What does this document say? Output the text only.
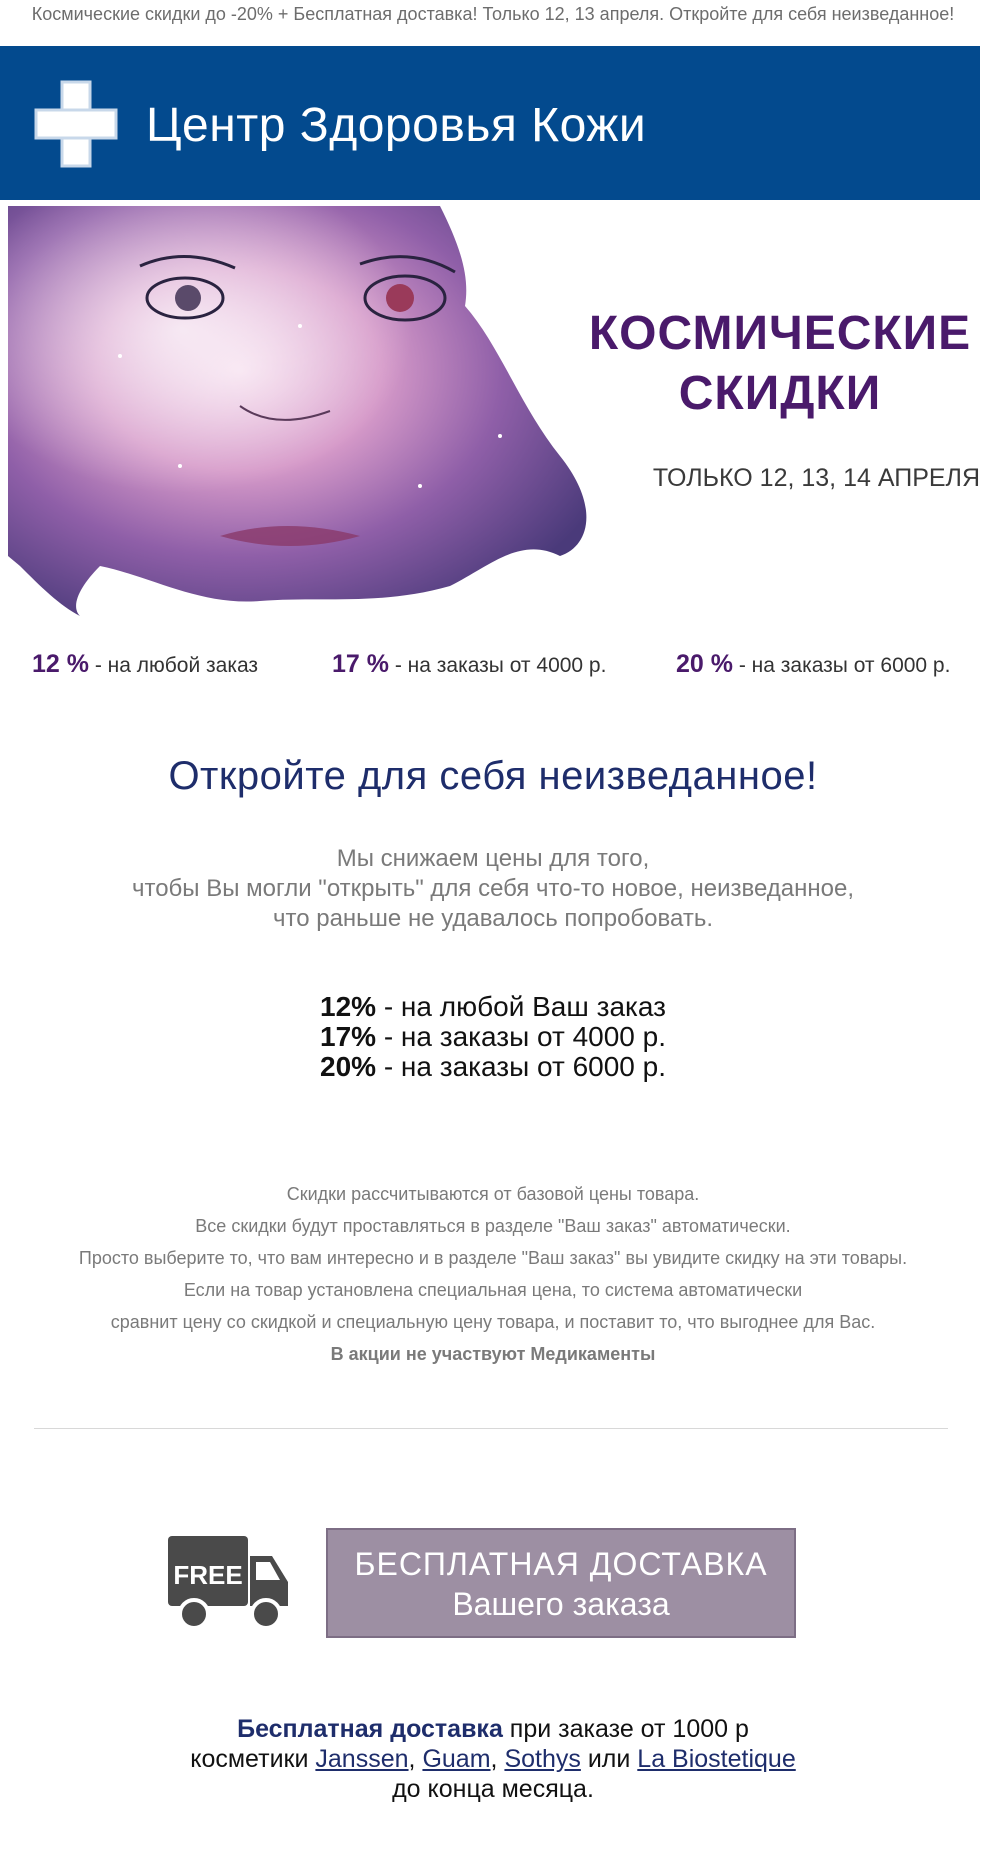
Космические скидки до -20% + Бесплатная доставка! Только 12, 13 апреля. Откройте для себя неизведанное!
Центр Здоровья Кожи
КОСМИЧЕСКИЕ
СКИДКИ
ТОЛЬКО 12, 13, 14 АПРЕЛЯ
12 % - на любой заказ	17 % - на заказы от 4000 р.	20 % - на заказы от 6000 р.
Откройте для себя неизведанное!
Мы снижаем цены для того,
чтобы Вы могли "открыть" для себя что-то новое, неизведанное,
что раньше не удавалось попробовать.
12% - на любой Ваш заказ
17% - на заказы от 4000 р.
20% - на заказы от 6000 р.
Скидки рассчитываются от базовой цены товара.
Все скидки будут проставляться в разделе "Ваш заказ" автоматически.
Просто выберите то, что вам интересно и в разделе "Ваш заказ" вы увидите скидку на эти товары.
Если на товар установлена специальная цена, то система автоматически
сравнит цену со скидкой и специальную цену товара, и поставит то, что выгоднее для Вас.
В акции не участвуют Медикаменты
FREE	БЕСПЛАТНАЯ ДОСТАВКА
Вашего заказа
Бесплатная доставка при заказе от 1000 р
косметики Janssen, Guam, Sothys или La Biostetique
до конца месяца.
